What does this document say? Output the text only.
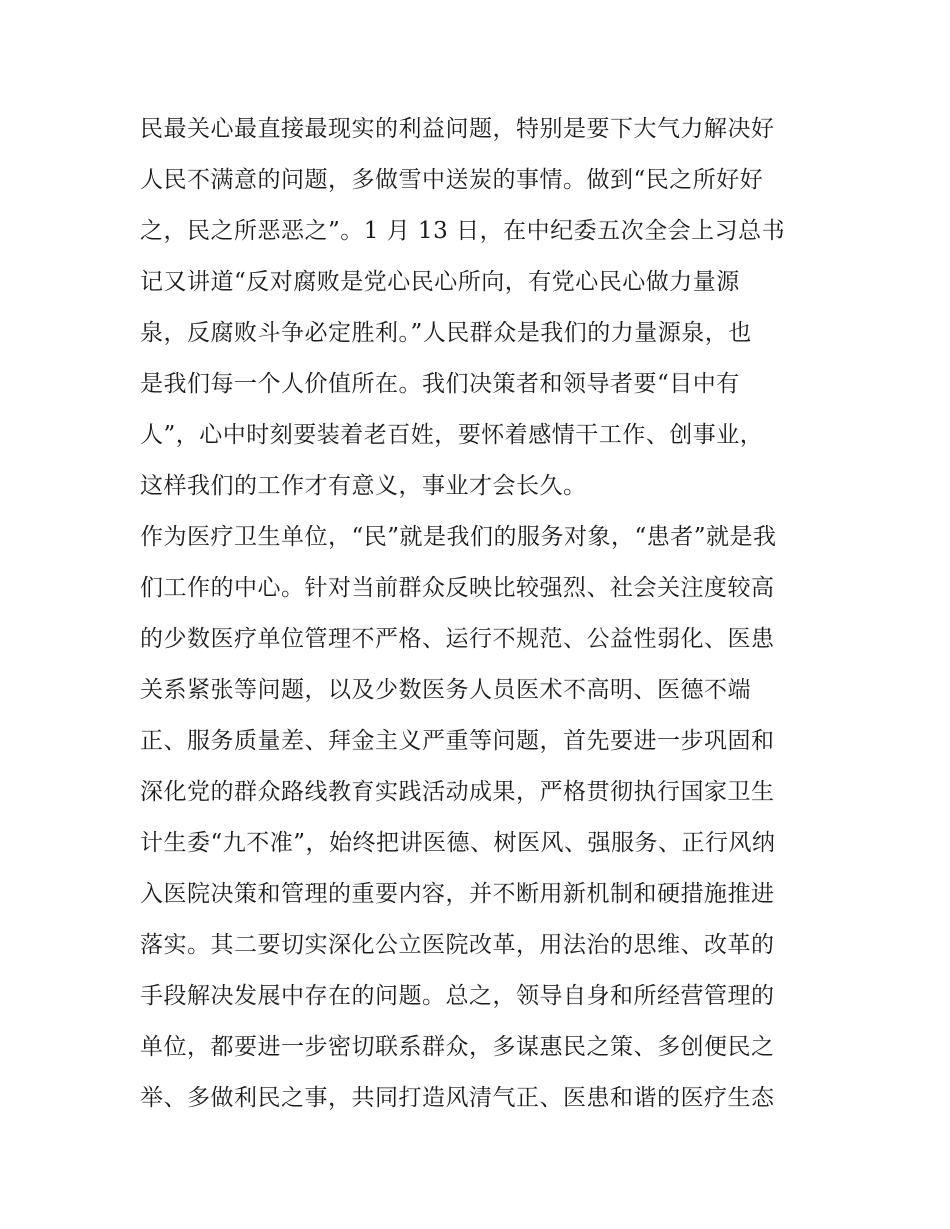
民最关心最直接最现实的利益问题，特别是要下大气力解决好
人民不满意的问题，多做雪中送炭的事情。做到“民之所好好
之，民之所恶恶之”。1 月 13 日，在中纪委五次全会上习总书
记又讲道“反对腐败是党心民心所向，有党心民心做力量源
泉，反腐败斗争必定胜利。”人民群众是我们的力量源泉，也
是我们每一个人价值所在。我们决策者和领导者要“目中有
人”，心中时刻要装着老百姓，要怀着感情干工作、创事业，
这样我们的工作才有意义，事业才会长久。
作为医疗卫生单位，“民”就是我们的服务对象，“患者”就是我
们工作的中心。针对当前群众反映比较强烈、社会关注度较高
的少数医疗单位管理不严格、运行不规范、公益性弱化、医患
关系紧张等问题，以及少数医务人员医术不高明、医德不端
正、服务质量差、拜金主义严重等问题，首先要进一步巩固和
深化党的群众路线教育实践活动成果，严格贯彻执行国家卫生
计生委“九不准”，始终把讲医德、树医风、强服务、正行风纳
入医院决策和管理的重要内容，并不断用新机制和硬措施推进
落实。其二要切实深化公立医院改革，用法治的思维、改革的
手段解决发展中存在的问题。总之，领导自身和所经营管理的
单位，都要进一步密切联系群众，多谋惠民之策、多创便民之
举、多做利民之事，共同打造风清气正、医患和谐的医疗生态
